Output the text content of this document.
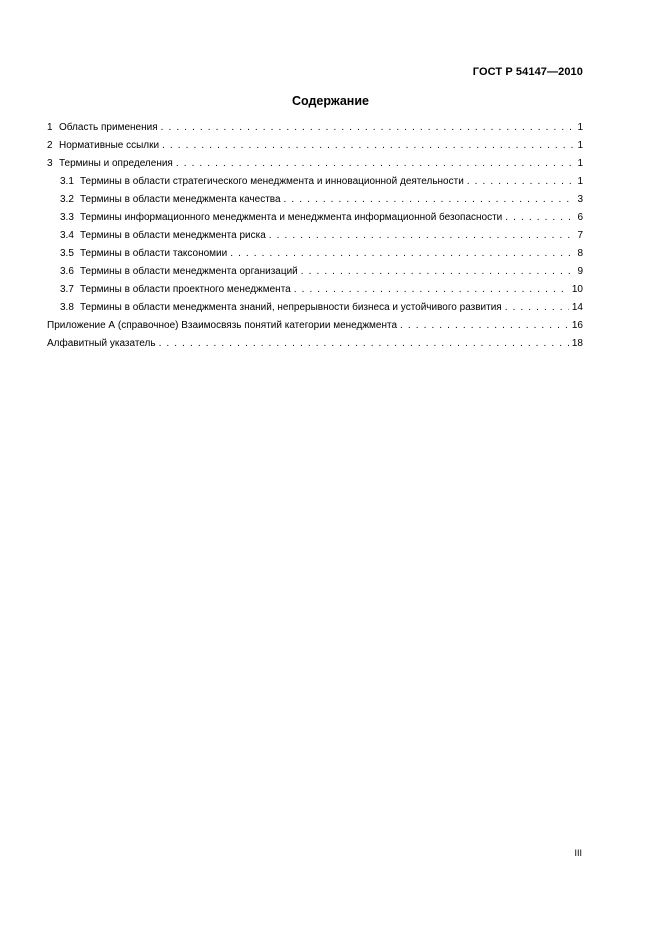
ГОСТ Р 54147—2010
Содержание
1 Область применения . . .	1
2 Нормативные ссылки . . .	1
3 Термины и определения . . .	1
3.1 Термины в области стратегического менеджмента и инновационной деятельности . . .	1
3.2 Термины в области менеджмента качества . . .	3
3.3 Термины информационного менеджмента и менеджмента информационной безопасности . . .	6
3.4 Термины в области менеджмента риска . . .	7
3.5 Термины в области таксономии . . .	8
3.6 Термины в области менеджмента организаций . . .	9
3.7 Термины в области проектного менеджмента . . .	10
3.8 Термины в области менеджмента знаний, непрерывности бизнеса и устойчивого развития . . .	14
Приложение А (справочное) Взаимосвязь понятий категории менеджмента . . .	16
Алфавитный указатель . . .	18
III
